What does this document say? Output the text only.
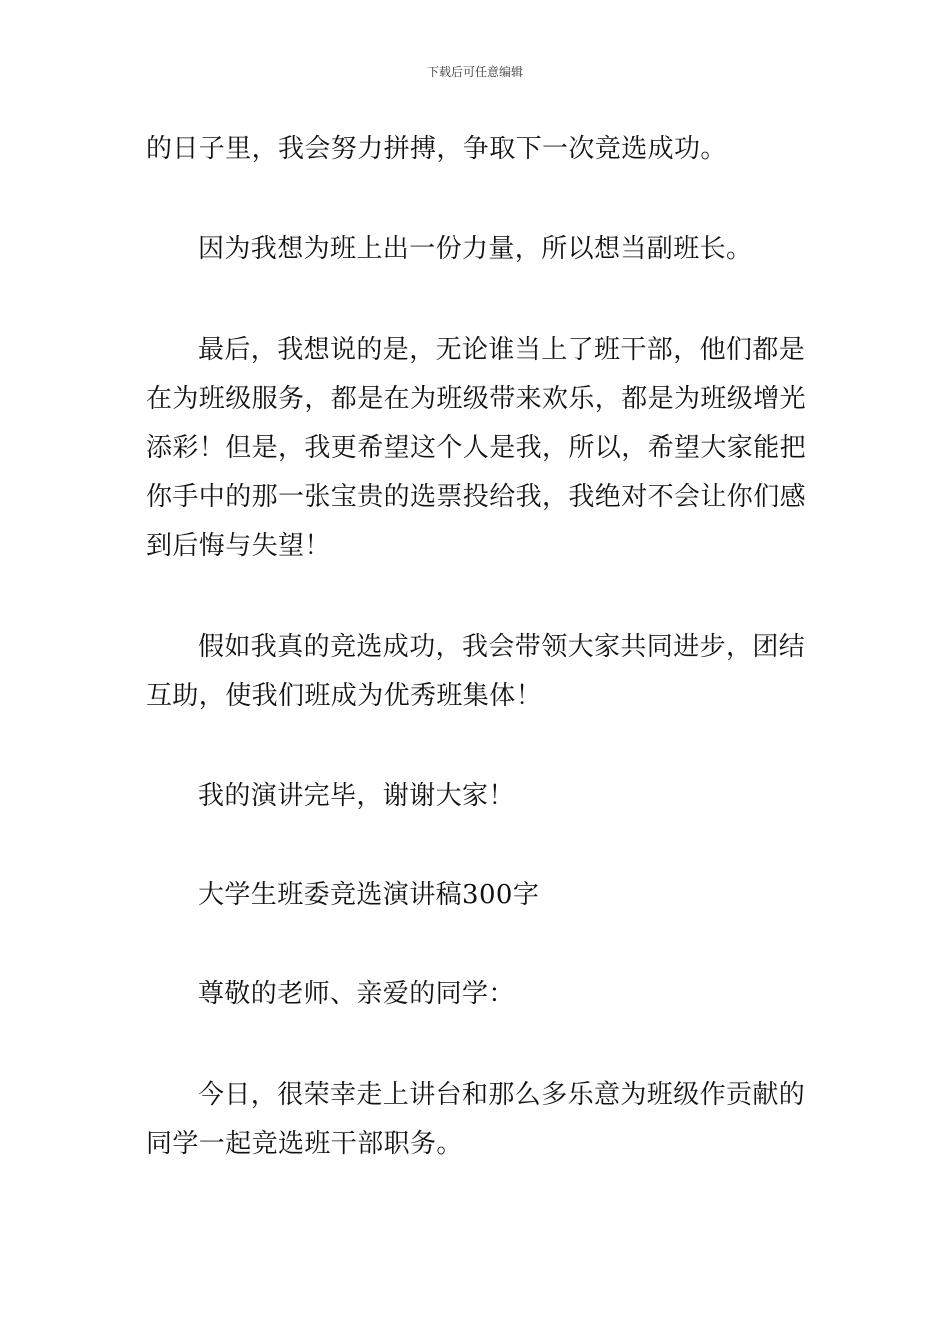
下载后可任意编辑
的日子里，我会努力拼搏，争取下一次竞选成功。
因为我想为班上出一份力量，所以想当副班长。
最后，我想说的是，无论谁当上了班干部，他们都是
在为班级服务，都是在为班级带来欢乐，都是为班级增光
添彩！但是，我更希望这个人是我，所以，希望大家能把
你手中的那一张宝贵的选票投给我，我绝对不会让你们感
到后悔与失望！
假如我真的竞选成功，我会带领大家共同进步，团结
互助，使我们班成为优秀班集体！
我的演讲完毕，谢谢大家！
大学生班委竞选演讲稿300字
尊敬的老师、亲爱的同学：
今日，很荣幸走上讲台和那么多乐意为班级作贡献的
同学一起竞选班干部职务。
